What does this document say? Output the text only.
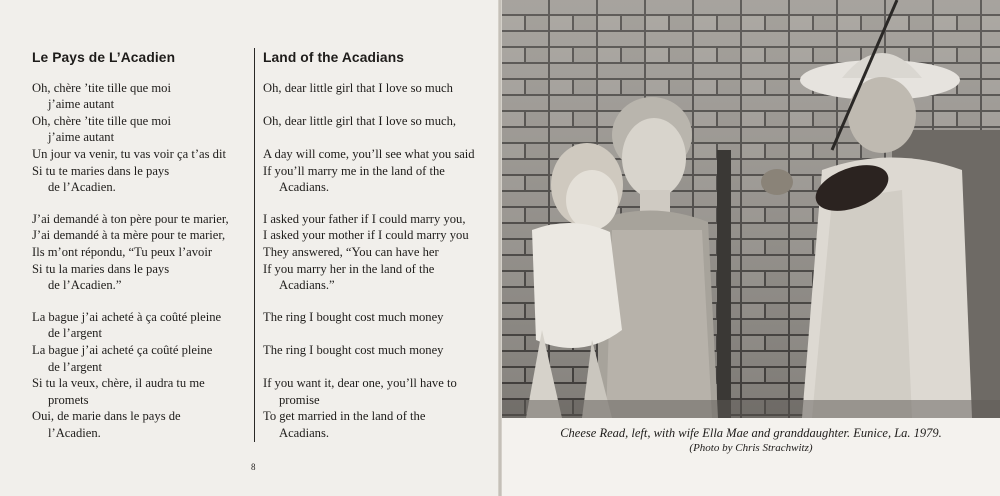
Le Pays de L’Acadien
Oh, chère ’tite tille que moi
j’aime autant
Oh, chère ’tite tille que moi
j’aime autant
Un jour va venir, tu vas voir ça t’as dit
Si tu te maries dans le pays
de l’Acadien.
J’ai demandé à ton père pour te marier,
J’ai demandé à ta mère pour te marier,
Ils m’ont répondu, “Tu peux l’avoir
Si tu la maries dans le pays
de l’Acadien.”
La bague j’ai acheté à ça coûté pleine
de l’argent
La bague j’ai acheté ça coûté pleine
de l’argent
Si tu la veux, chère, il audra tu me
promets
Oui, de marie dans le pays de
l’Acadien.
Land of the Acadians
Oh, dear little girl that I love so much

Oh, dear little girl that I love so much,

A day will come, you’ll see what you said
If you’ll marry me in the land of the
Acadians.
I asked your father if I could marry you,
I asked your mother if I could marry you
They answered, “You can have her
If you marry her in the land of the
Acadians.”
The ring I bought cost much money

The ring I bought cost much money

If you want it, dear one, you’ll have to
promise
To get married in the land of the
Acadians.
8
Cheese Read, left, with wife Ella Mae and granddaughter. Eunice, La. 1979.
(Photo by Chris Strachwitz)
